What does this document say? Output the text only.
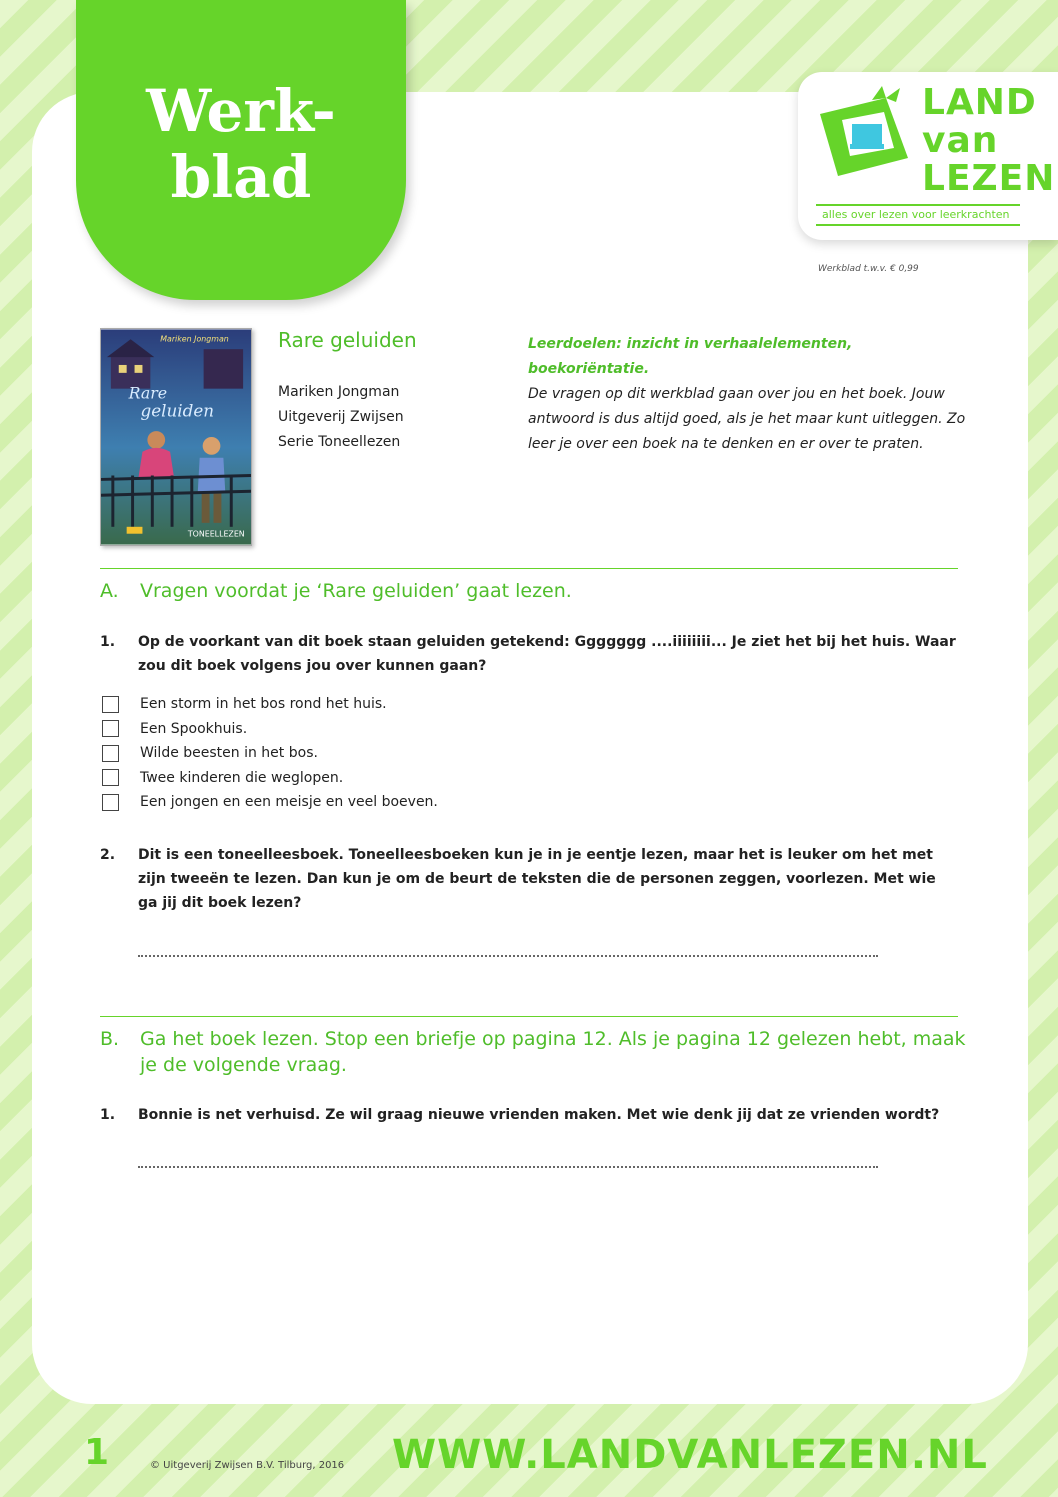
Werk-
blad
LAND
van
LEZEN
alles over lezen voor leerkrachten
Werkblad t.w.v. € 0,99
Rare
geluiden
Mariken Jongman
TONEELLEZEN
Rare geluiden
Mariken Jongman
Uitgeverij Zwijsen
Serie Toneellezen
Leerdoelen: inzicht in verhaalelementen, boekoriëntatie.
De vragen op dit werkblad gaan over jou en het boek. Jouw antwoord is dus altijd goed, als je het maar kunt uitleggen. Zo leer je over een boek na te denken en er over te praten.
A.	Vragen voordat je ‘Rare geluiden’ gaat lezen.
1.	Op de voorkant van dit boek staan geluiden getekend: Ggggggg ....iiiiiiii... Je ziet het bij het huis. Waar zou dit boek volgens jou over kunnen gaan?
Een storm in het bos rond het huis.
Een Spookhuis.
Wilde beesten in het bos.
Twee kinderen die weglopen.
Een jongen en een meisje en veel boeven.
2.	Dit is een toneelleesboek. Toneelleesboeken kun je in je eentje lezen, maar het is leuker om het met zijn tweeën te lezen. Dan kun je om de beurt de teksten die de personen zeggen, voorlezen. Met wie ga jij dit boek lezen?
B.	Ga het boek lezen. Stop een briefje op pagina 12. Als je pagina 12 gelezen hebt, maak je de volgende vraag.
1.	Bonnie is net verhuisd. Ze wil graag nieuwe vrienden maken. Met wie denk jij dat ze vrienden wordt?
1	© Uitgeverij Zwijsen B.V. Tilburg, 2016 WWW.LANDVANLEZEN.NL
